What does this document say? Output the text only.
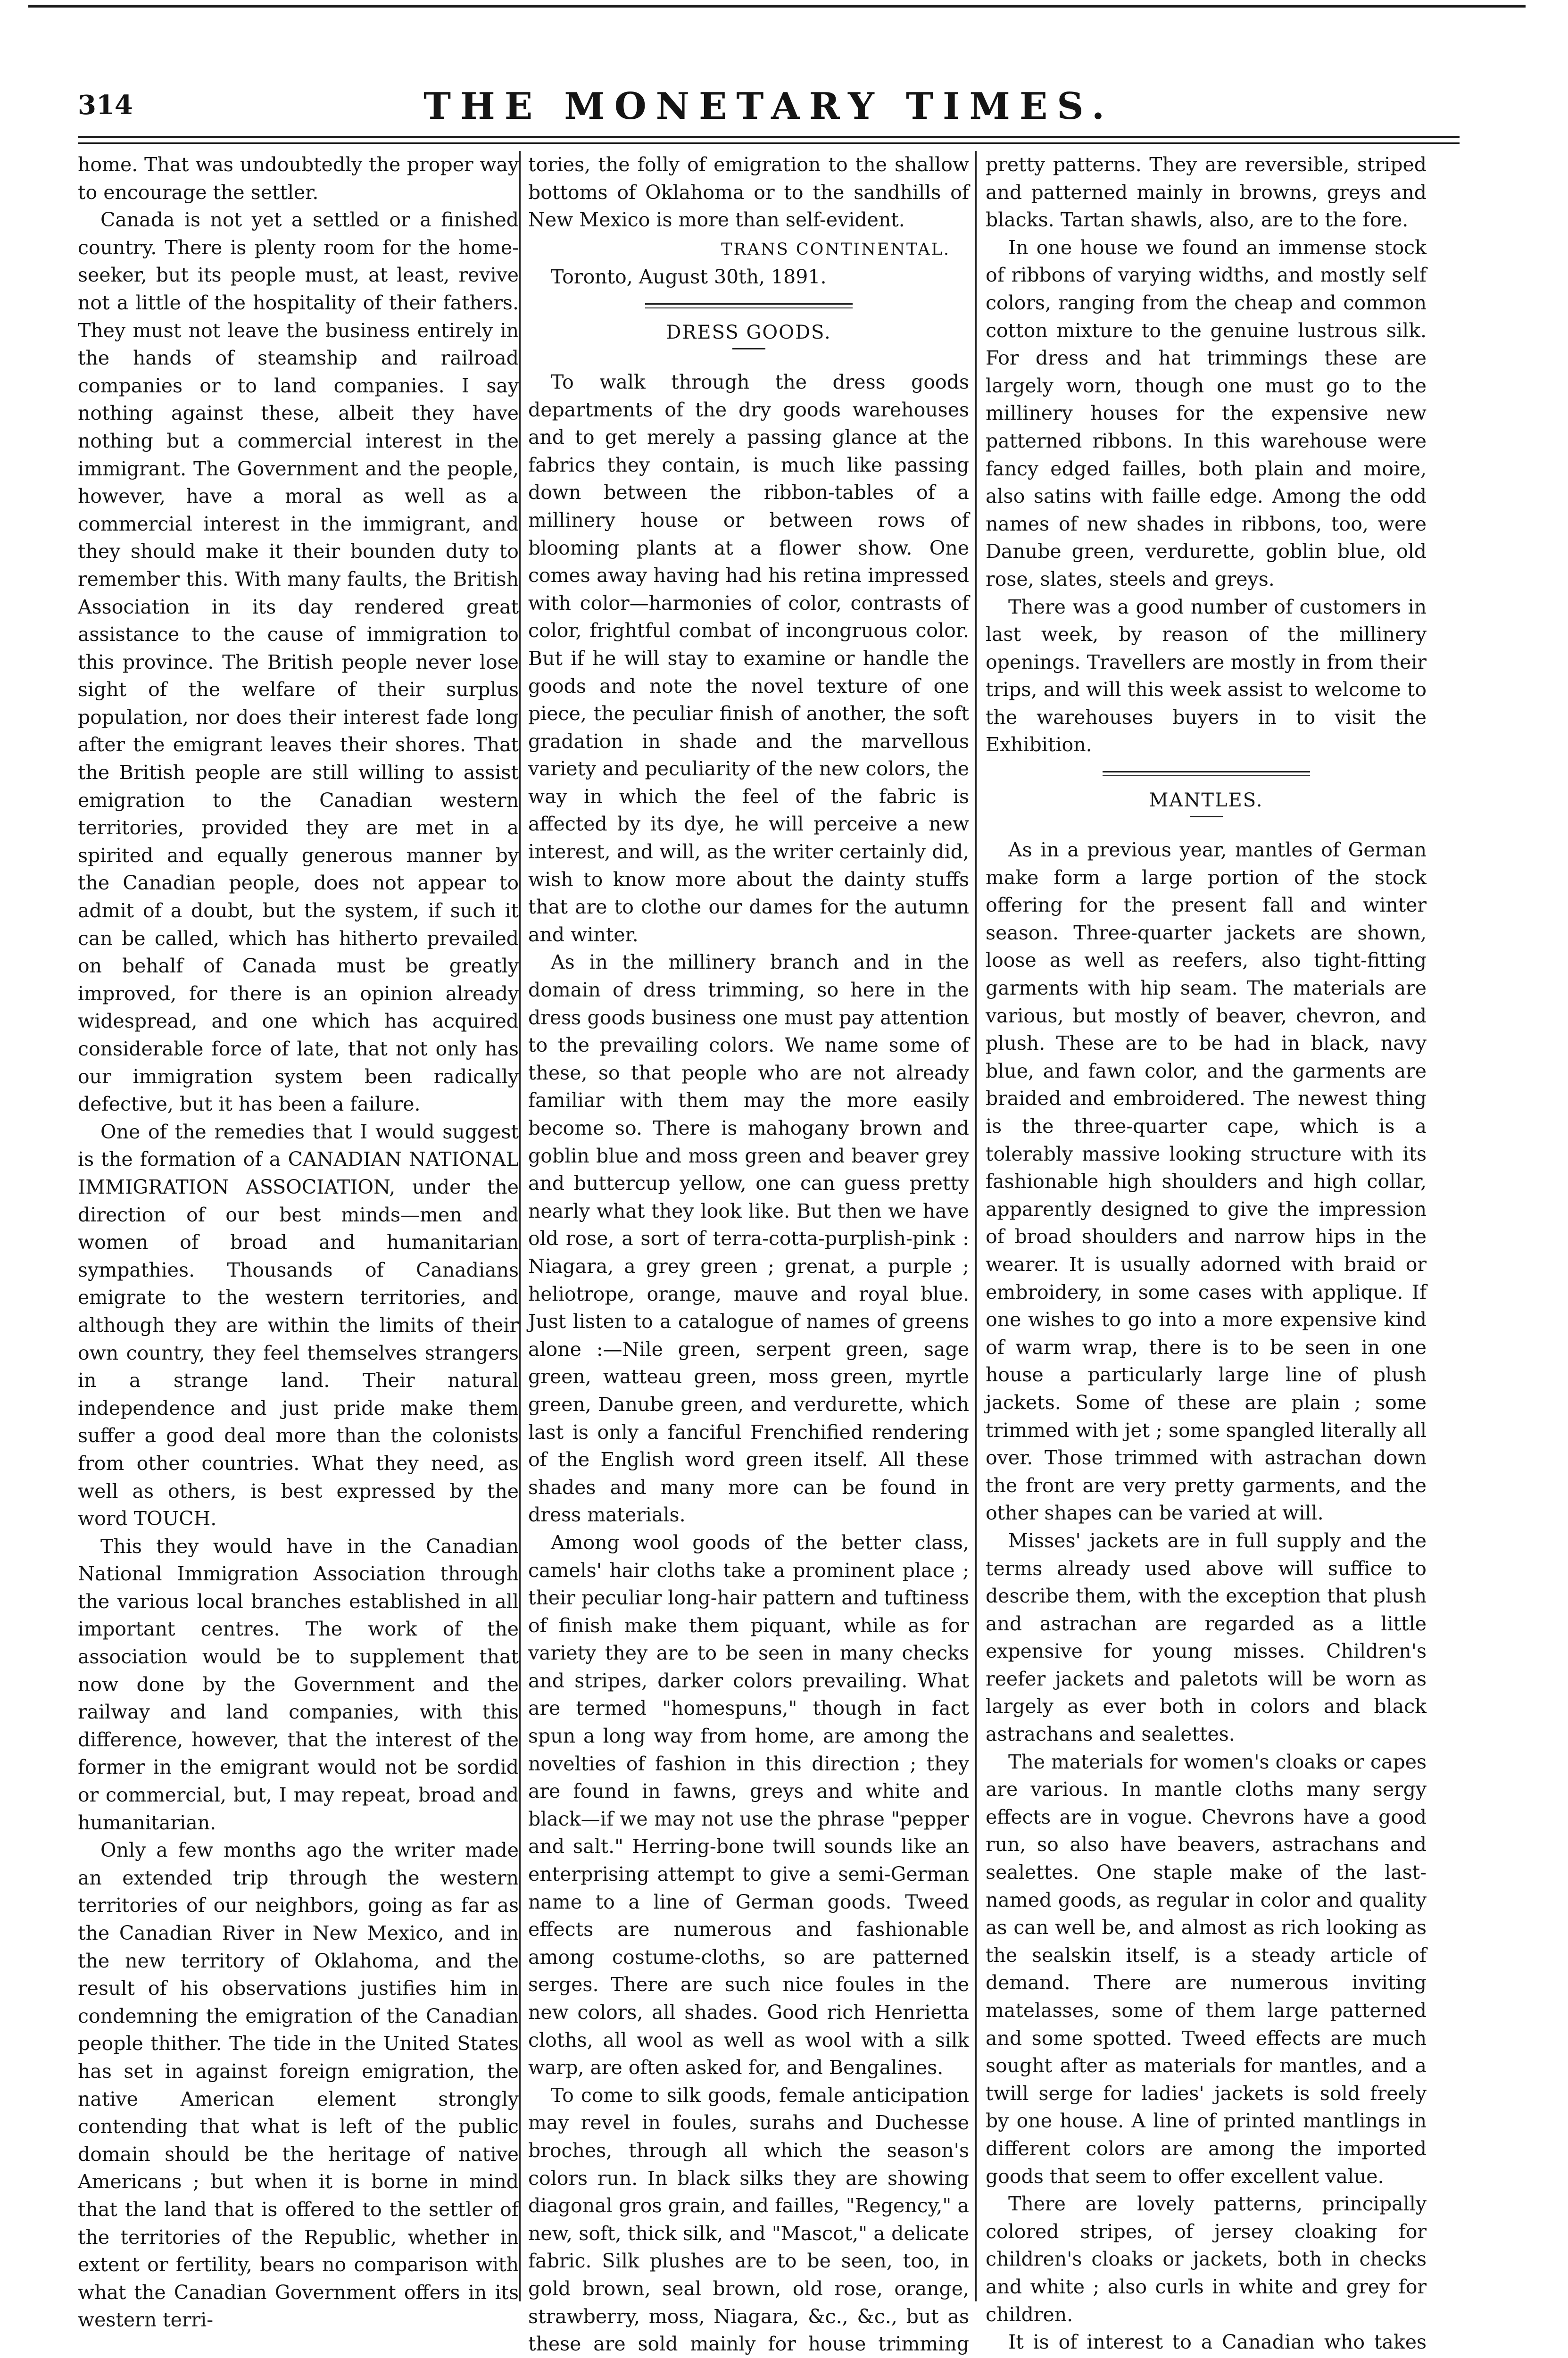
314	THE MONETARY TIMES.

home. That was undoubtedly the proper way to encourage the settler.

Canada is not yet a settled or a finished country. There is plenty room for the home-seeker, but its people must, at least, revive not a little of the hospitality of their fathers. They must not leave the business entirely in the hands of steamship and railroad companies or to land companies. I say nothing against these, albeit they have nothing but a commercial interest in the immigrant. The Government and the people, however, have a moral as well as a commercial interest in the immigrant, and they should make it their bounden duty to remember this. With many faults, the British Association in its day rendered great assistance to the cause of immigration to this province. The British people never lose sight of the welfare of their surplus population, nor does their interest fade long after the emigrant leaves their shores. That the British people are still willing to assist emigration to the Canadian western territories, provided they are met in a spirited and equally generous manner by the Canadian people, does not appear to admit of a doubt, but the system, if such it can be called, which has hitherto prevailed on behalf of Canada must be greatly improved, for there is an opinion already widespread, and one which has acquired considerable force of late, that not only has our immigration system been radically defective, but it has been a failure.

One of the remedies that I would suggest is the formation of a CANADIAN NATIONAL IMMIGRATION ASSOCIATION, under the direction of our best minds—men and women of broad and humanitarian sympathies. Thousands of Canadians emigrate to the western territories, and although they are within the limits of their own country, they feel themselves strangers in a strange land. Their natural independence and just pride make them suffer a good deal more than the colonists from other countries. What they need, as well as others, is best expressed by the word TOUCH.

This they would have in the Canadian National Immigration Association through the various local branches established in all important centres. The work of the association would be to supplement that now done by the Government and the railway and land companies, with this difference, however, that the interest of the former in the emigrant would not be sordid or commercial, but, I may repeat, broad and humanitarian.

Only a few months ago the writer made an extended trip through the western territories of our neighbors, going as far as the Canadian River in New Mexico, and in the new territory of Oklahoma, and the result of his observations justifies him in condemning the emigration of the Canadian people thither. The tide in the United States has set in against foreign emigration, the native American element strongly contending that what is left of the public domain should be the heritage of native Americans ; but when it is borne in mind that the land that is offered to the settler of the territories of the Republic, whether in extent or fertility, bears no comparison with what the Canadian Government offers in its western terri-

tories, the folly of emigration to the shallow bottoms of Oklahoma or to the sandhills of New Mexico is more than self-evident.

TRANS CONTINENTAL.

Toronto, August 30th, 1891.

DRESS GOODS.

To walk through the dress goods departments of the dry goods warehouses and to get merely a passing glance at the fabrics they contain, is much like passing down between the ribbon-tables of a millinery house or between rows of blooming plants at a flower show. One comes away having had his retina impressed with color—harmonies of color, contrasts of color, frightful combat of incongruous color. But if he will stay to examine or handle the goods and note the novel texture of one piece, the peculiar finish of another, the soft gradation in shade and the marvellous variety and peculiarity of the new colors, the way in which the feel of the fabric is affected by its dye, he will perceive a new interest, and will, as the writer certainly did, wish to know more about the dainty stuffs that are to clothe our dames for the autumn and winter.

As in the millinery branch and in the domain of dress trimming, so here in the dress goods business one must pay attention to the prevailing colors. We name some of these, so that people who are not already familiar with them may the more easily become so. There is mahogany brown and goblin blue and moss green and beaver grey and buttercup yellow, one can guess pretty nearly what they look like. But then we have old rose, a sort of terra-cotta-purplish-pink : Niagara, a grey green ; grenat, a purple ; heliotrope, orange, mauve and royal blue. Just listen to a catalogue of names of greens alone :—Nile green, serpent green, sage green, watteau green, moss green, myrtle green, Danube green, and verdurette, which last is only a fanciful Frenchified rendering of the English word green itself. All these shades and many more can be found in dress materials.

Among wool goods of the better class, camels' hair cloths take a prominent place ; their peculiar long-hair pattern and tuftiness of finish make them piquant, while as for variety they are to be seen in many checks and stripes, darker colors prevailing. What are termed "homespuns," though in fact spun a long way from home, are among the novelties of fashion in this direction ; they are found in fawns, greys and white and black—if we may not use the phrase "pepper and salt." Herring-bone twill sounds like an enterprising attempt to give a semi-German name to a line of German goods. Tweed effects are numerous and fashionable among costume-cloths, so are patterned serges. There are such nice foules in the new colors, all shades. Good rich Henrietta cloths, all wool as well as wool with a silk warp, are often asked for, and Bengalines.

To come to silk goods, female anticipation may revel in foules, surahs and Duchesse broches, through all which the season's colors run. In black silks they are showing diagonal gros grain, and failles, "Regency," a new, soft, thick silk, and "Mascot," a delicate fabric. Silk plushes are to be seen, too, in gold brown, seal brown, old rose, orange, strawberry, moss, Niagara, &c., &c., but as these are sold mainly for house trimming

pretty patterns. They are reversible, striped and patterned mainly in browns, greys and blacks. Tartan shawls, also, are to the fore.

In one house we found an immense stock of ribbons of varying widths, and mostly self colors, ranging from the cheap and common cotton mixture to the genuine lustrous silk. For dress and hat trimmings these are largely worn, though one must go to the millinery houses for the expensive new patterned ribbons. In this warehouse were fancy edged failles, both plain and moire, also satins with faille edge. Among the odd names of new shades in ribbons, too, were Danube green, verdurette, goblin blue, old rose, slates, steels and greys.

There was a good number of customers in last week, by reason of the millinery openings. Travellers are mostly in from their trips, and will this week assist to welcome to the warehouses buyers in to visit the Exhibition.

MANTLES.

As in a previous year, mantles of German make form a large portion of the stock offering for the present fall and winter season. Three-quarter jackets are shown, loose as well as reefers, also tight-fitting garments with hip seam. The materials are various, but mostly of beaver, chevron, and plush. These are to be had in black, navy blue, and fawn color, and the garments are braided and embroidered. The newest thing is the three-quarter cape, which is a tolerably massive looking structure with its fashionable high shoulders and high collar, apparently designed to give the impression of broad shoulders and narrow hips in the wearer. It is usually adorned with braid or embroidery, in some cases with applique. If one wishes to go into a more expensive kind of warm wrap, there is to be seen in one house a particularly large line of plush jackets. Some of these are plain ; some trimmed with jet ; some spangled literally all over. Those trimmed with astrachan down the front are very pretty garments, and the other shapes can be varied at will.

Misses' jackets are in full supply and the terms already used above will suffice to describe them, with the exception that plush and astrachan are regarded as a little expensive for young misses. Children's reefer jackets and paletots will be worn as largely as ever both in colors and black astrachans and sealettes.

The materials for women's cloaks or capes are various. In mantle cloths many sergy effects are in vogue. Chevrons have a good run, so also have beavers, astrachans and sealettes. One staple make of the last-named goods, as regular in color and quality as can well be, and almost as rich looking as the sealskin itself, is a steady article of demand. There are numerous inviting matelasses, some of them large patterned and some spotted. Tweed effects are much sought after as materials for mantles, and a twill serge for ladies' jackets is sold freely by one house. A line of printed mantlings in different colors are among the imported goods that seem to offer excellent value.

There are lovely patterns, principally colored stripes, of jersey cloaking for children's cloaks or jackets, both in checks and white ; also curls in white and grey for children.

It is of interest to a Canadian who takes
